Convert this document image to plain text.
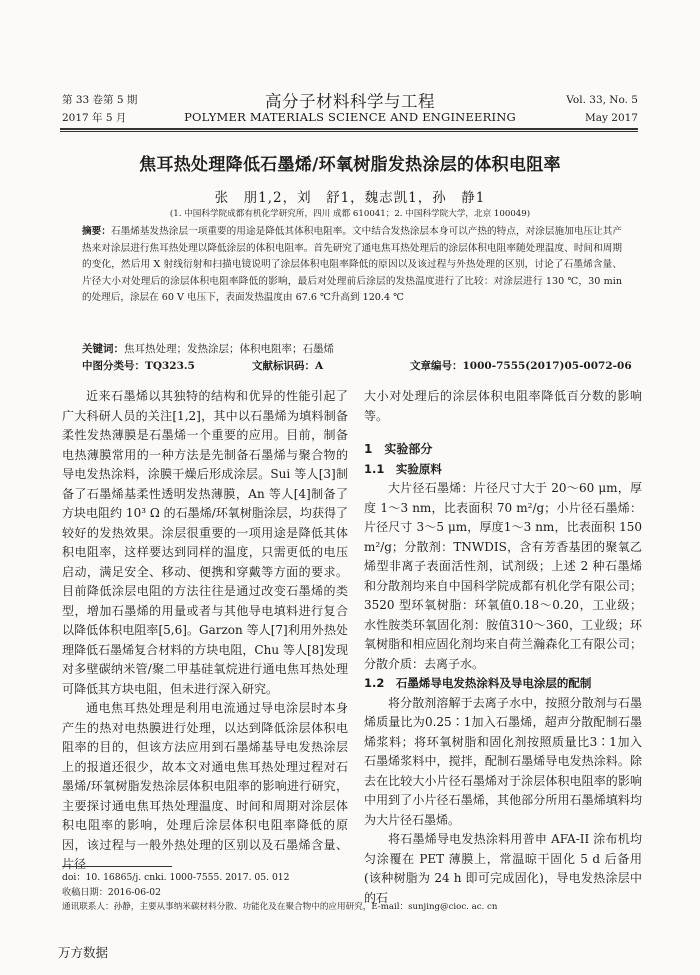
第 33 卷第 5 期
2017 年 5 月
高分子材料科学与工程
POLYMER MATERIALS SCIENCE AND ENGINEERING
Vol. 33, No. 5
May 2017
焦耳热处理降低石墨烯/环氧树脂发热涂层的体积电阻率
张　朋1,2，刘　舒1，魏志凯1，孙　静1
(1. 中国科学院成都有机化学研究所，四川 成都 610041；2. 中国科学院大学，北京 100049)
摘要：石墨烯基发热涂层一项重要的用途是降低其体积电阻率。文中结合发热涂层本身可以产热的特点，对涂层施加电压让其产热来对涂层进行焦耳热处理以降低涂层的体积电阻率。首先研究了通电焦耳热处理后的涂层体积电阻率随处理温度、时间和周期的变化，然后用 X 射线衍射和扫描电镜说明了涂层体积电阻率降低的原因以及该过程与外热处理的区别，讨论了石墨烯含量、片径大小对处理后的涂层体积电阻率降低的影响，最后对处理前后涂层的发热温度进行了比较：对涂层进行 130 ℃，30 min 的处理后，涂层在 60 V 电压下，表面发热温度由 67.6 ℃升高到 120.4 ℃
关键词：焦耳热处理；发热涂层；体积电阻率；石墨烯
中图分类号：TQ323.5	文献标识码：A	文章编号：1000-7555(2017)05-0072-06

近来石墨烯以其独特的结构和优异的性能引起了广大科研人员的关注[1,2]，其中以石墨烯为填料制备柔性发热薄膜是石墨烯一个重要的应用。目前，制备电热薄膜常用的一种方法是先制备石墨烯与聚合物的导电发热涂料，涂膜干燥后形成涂层。Sui 等人[3]制备了石墨烯基柔性透明发热薄膜，An 等人[4]制备了方块电阻约 10³ Ω 的石墨烯/环氧树脂涂层，均获得了较好的发热效果。涂层很重要的一项用途是降低其体积电阻率，这样要达到同样的温度，只需更低的电压启动，满足安全、移动、便携和穿戴等方面的要求。目前降低涂层电阻的方法往往是通过改变石墨烯的类型，增加石墨烯的用量或者与其他导电填料进行复合以降低体积电阻率[5,6]。Garzon 等人[7]利用外热处理降低石墨烯复合材料的方块电阻，Chu 等人[8]发现对多壁碳纳米管/聚二甲基硅氧烷进行通电焦耳热处理可降低其方块电阻，但未进行深入研究。

通电焦耳热处理是利用电流通过导电涂层时本身产生的热对电热膜进行处理，以达到降低涂层体积电阻率的目的，但该方法应用到石墨烯基导电发热涂层上的报道还很少，故本文对通电焦耳热处理过程对石墨烯/环氧树脂发热涂层体积电阻率的影响进行研究，主要探讨通电焦耳热处理温度、时间和周期对涂层体积电阻率的影响，处理后涂层体积电阻率降低的原因，该过程与一般外热处理的区别以及石墨烯含量、片径

大小对处理后的涂层体积电阻率降低百分数的影响等。
1　实验部分
1.1　实验原料

大片径石墨烯：片径尺寸大于 20～60 μm，厚度 1～3 nm，比表面积 70 m²/g；小片径石墨烯：片径尺寸 3～5 μm，厚度1～3 nm，比表面积 150 m²/g；分散剂：TNWDIS，含有芳香基团的聚氧乙烯型非离子表面活性剂，试剂级；上述 2 种石墨烯和分散剂均来自中国科学院成都有机化学有限公司；3520 型环氧树脂：环氧值0.18～0.20，工业级；水性胺类环氧固化剂：胺值310～360，工业级；环氧树脂和相应固化剂均来自荷兰瀚森化工有限公司；分散介质：去离子水。

1.2　石墨烯导电发热涂料及导电涂层的配制

将分散剂溶解于去离子水中，按照分散剂与石墨烯质量比为0.25∶1加入石墨烯，超声分散配制石墨烯浆料；将环氧树脂和固化剂按照质量比3∶1加入石墨烯浆料中，搅拌，配制石墨烯导电发热涂料。除去在比较大小片径石墨烯对于涂层体积电阻率的影响中用到了小片径石墨烯，其他部分所用石墨烯填料均为大片径石墨烯。

将石墨烯导电发热涂料用普申 AFA-II 涂布机均匀涂覆在 PET 薄膜上，常温晾干固化 5 d 后备用(该种树脂为 24 h 即可完成固化)，导电发热涂层中的石

doi：10. 16865/j. cnki. 1000-7555. 2017. 05. 012
收稿日期：2016-06-02
通讯联系人：孙静，主要从事纳米碳材料分散、功能化及在聚合物中的应用研究，E-mail：sunjing@cioc. ac. cn
万方数据
